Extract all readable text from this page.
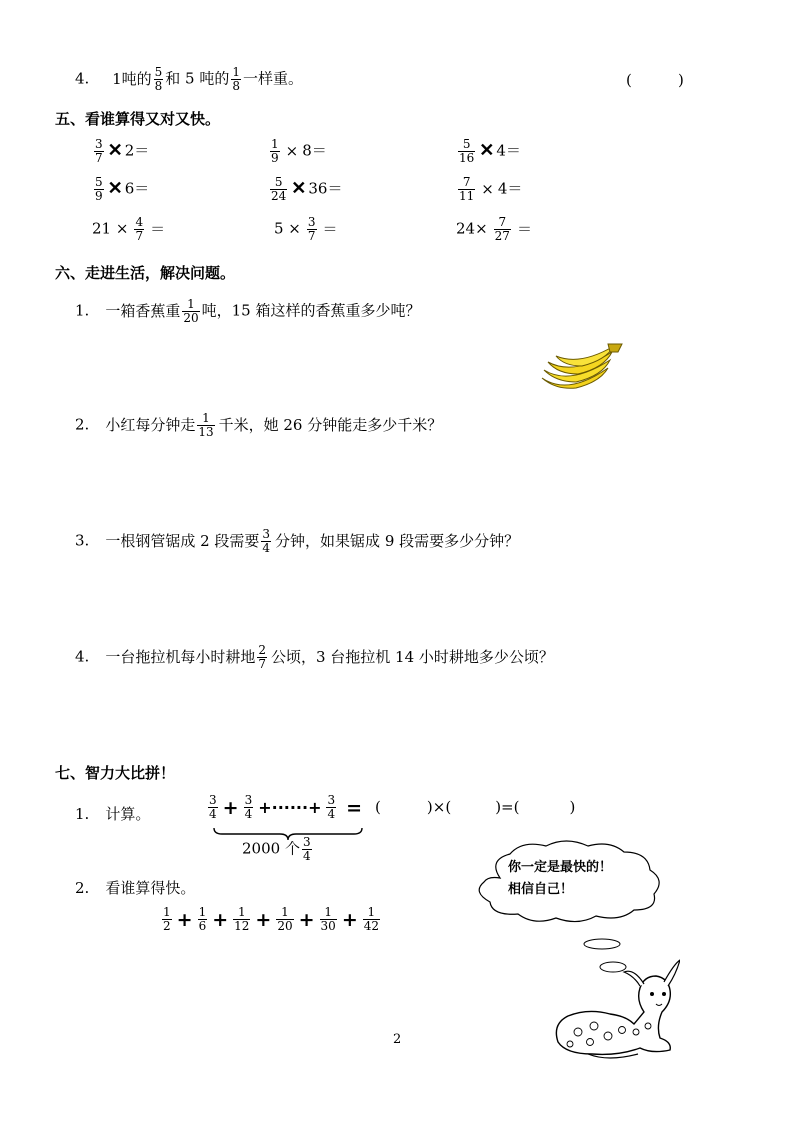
4. 1吨的 $\frac{5}{8}$ 和 5 吨的 $\frac{1}{8}$ 一样重。	(	)
五、看谁算得又对又快。
$\frac{3}{7}$ ✕ 2＝	$\frac{1}{9} \times 8=$	$\frac{5}{16}$ ✕ 4＝
$\frac{5}{9}$ ✕ 6＝	$\frac{5}{24}$ ✕ 36＝	$\frac{7}{11} \times 4=$
$21 \times \frac{4}{7}$ ＝	$5 \times \frac{3}{7}$ ＝	$24\times \frac{7}{27}$ ＝
六、走进生活，解决问题。
1. 一箱香蕉重 $\frac{1}{20}$ 吨，15 箱这样的香蕉重多少吨？
2. 小红每分钟走 $\frac{1}{13}$ 千米，她 26 分钟能走多少千米？
3. 一根钢管锯成 2 段需要 $\frac{3}{4}$ 分钟，如果锯成 9 段需要多少分钟？
4. 一台拖拉机每小时耕地 $\frac{2}{7}$ 公顷，3 台拖拉机 14 小时耕地多少公顷？
七、智力大比拼！
1. 计算。	$\frac{3}{4} + \frac{3}{4}$ +······+ $\frac{3}{4}$ = (	)×(	)=(	)
2000 个 $\frac{3}{4}$
2. 看谁算得快。
$\frac{1}{2} + \frac{1}{6} + \frac{1}{12} + \frac{1}{20} + \frac{1}{30} + \frac{1}{42}$
你一定是最快的！
相信自己！
2
